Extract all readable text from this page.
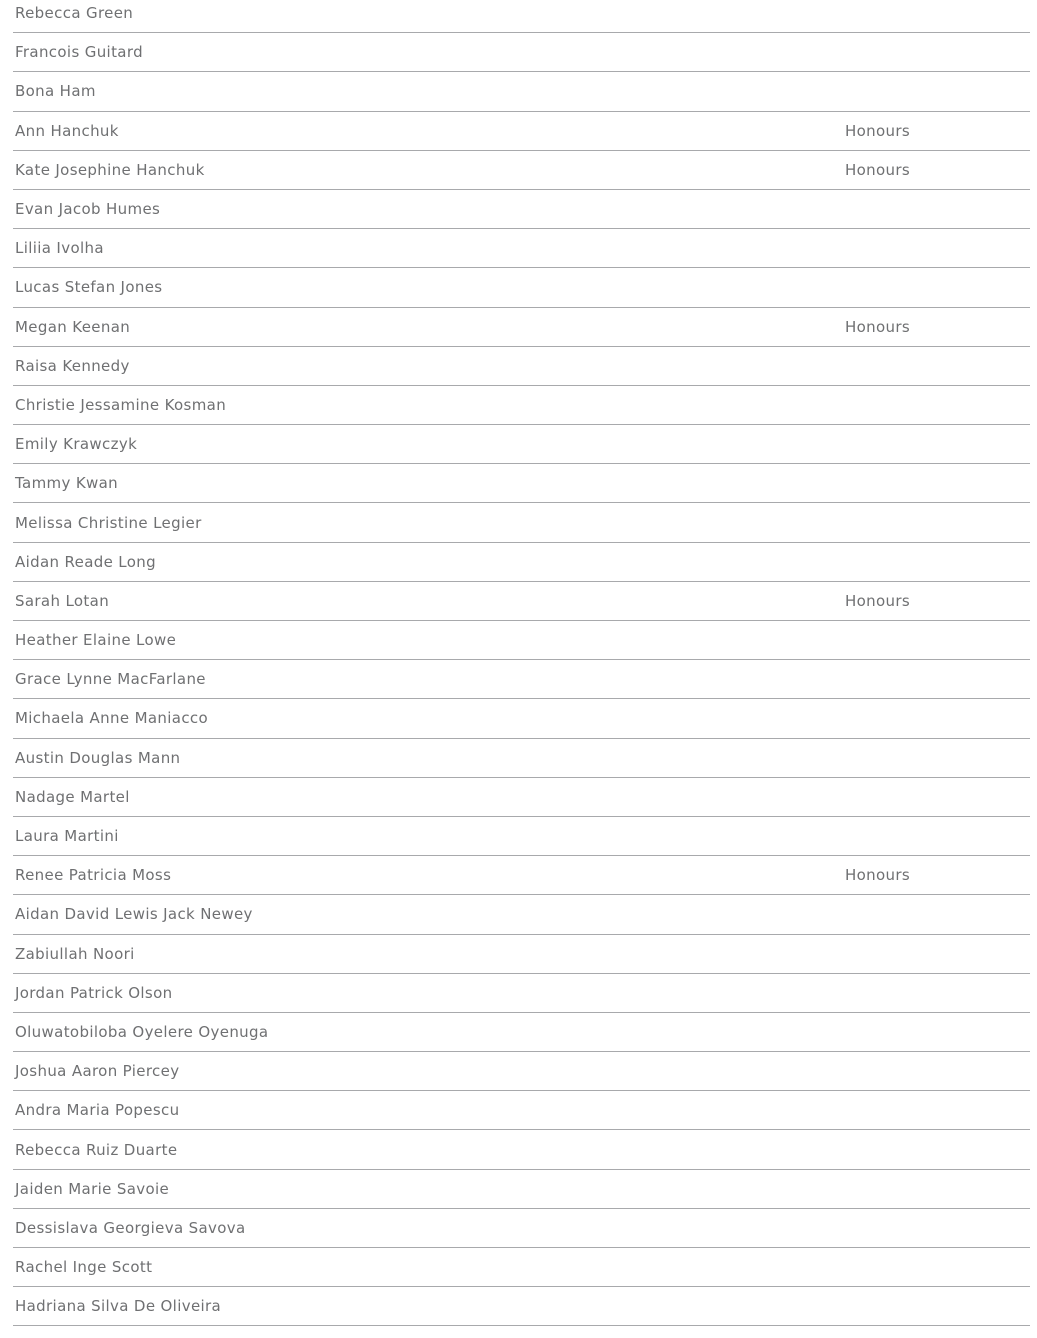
Rebecca Green
Francois Guitard
Bona Ham
Ann Hanchuk	Honours
Kate Josephine Hanchuk	Honours
Evan Jacob Humes
Liliia Ivolha
Lucas Stefan Jones
Megan Keenan	Honours
Raisa Kennedy
Christie Jessamine Kosman
Emily Krawczyk
Tammy Kwan
Melissa Christine Legier
Aidan Reade Long
Sarah Lotan	Honours
Heather Elaine Lowe
Grace Lynne MacFarlane
Michaela Anne Maniacco
Austin Douglas Mann
Nadage Martel
Laura Martini
Renee Patricia Moss	Honours
Aidan David Lewis Jack Newey
Zabiullah Noori
Jordan Patrick Olson
Oluwatobiloba Oyelere Oyenuga
Joshua Aaron Piercey
Andra Maria Popescu
Rebecca Ruiz Duarte
Jaiden Marie Savoie
Dessislava Georgieva Savova
Rachel Inge Scott
Hadriana Silva De Oliveira
